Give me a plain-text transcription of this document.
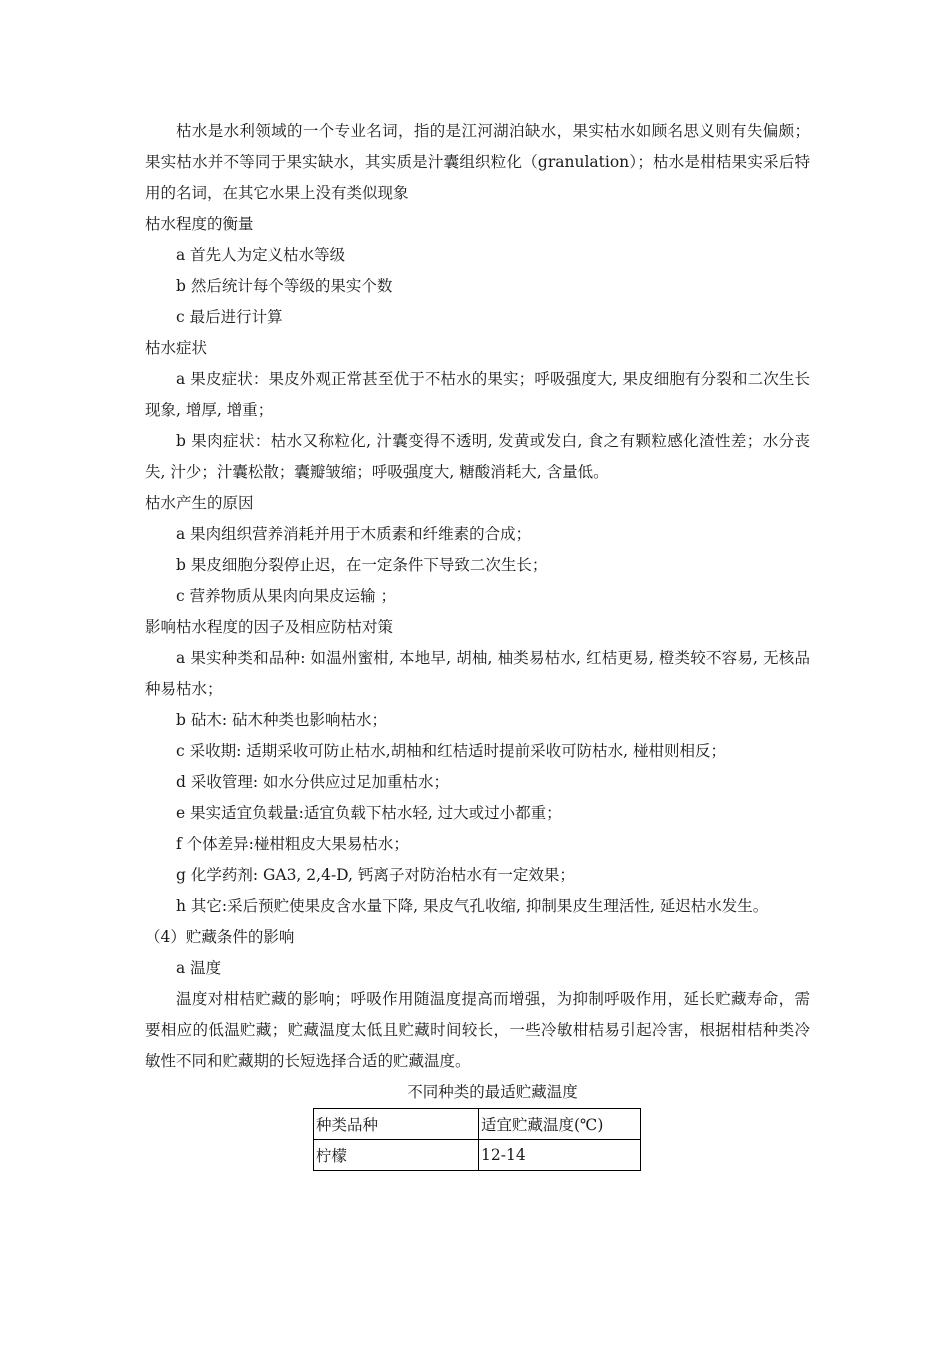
枯水是水利领域的一个专业名词，指的是江河湖泊缺水，果实枯水如顾名思义则有失偏颇；果实枯水并不等同于果实缺水，其实质是汁囊组织粒化（granulation）；枯水是柑桔果实采后特用的名词，在其它水果上没有类似现象

枯水程度的衡量

a 首先人为定义枯水等级

b 然后统计每个等级的果实个数

c 最后进行计算

枯水症状

a 果皮症状：果皮外观正常甚至优于不枯水的果实；呼吸强度大, 果皮细胞有分裂和二次生长现象, 增厚, 增重；

b 果肉症状：枯水又称粒化, 汁囊变得不透明, 发黄或发白, 食之有颗粒感化渣性差；水分丧失, 汁少；汁囊松散；囊瓣皱缩；呼吸强度大, 糖酸消耗大, 含量低。

枯水产生的原因

a 果肉组织营养消耗并用于木质素和纤维素的合成；

b 果皮细胞分裂停止迟，在一定条件下导致二次生长；

c 营养物质从果肉向果皮运输 ；

影响枯水程度的因子及相应防枯对策

a 果实种类和品种: 如温州蜜柑, 本地早, 胡柚, 柚类易枯水, 红桔更易, 橙类较不容易, 无核品种易枯水；

b 砧木: 砧木种类也影响枯水；

c 采收期: 适期采收可防止枯水,胡柚和红桔适时提前采收可防枯水, 椪柑则相反；

d 采收管理: 如水分供应过足加重枯水；

e 果实适宜负载量:适宜负载下枯水轻, 过大或过小都重；

f 个体差异:椪柑粗皮大果易枯水；

g 化学药剂: GA3, 2,4-D, 钙离子对防治枯水有一定效果；

h 其它:采后预贮使果皮含水量下降, 果皮气孔收缩, 抑制果皮生理活性, 延迟枯水发生。

（4）贮藏条件的影响

a 温度

温度对柑桔贮藏的影响；呼吸作用随温度提高而增强，为抑制呼吸作用，延长贮藏寿命，需要相应的低温贮藏；贮藏温度太低且贮藏时间较长，一些冷敏柑桔易引起冷害，根据柑桔种类冷敏性不同和贮藏期的长短选择合适的贮藏温度。

不同种类的最适贮藏温度
种类品种	适宜贮藏温度(℃)
柠檬	12-14
